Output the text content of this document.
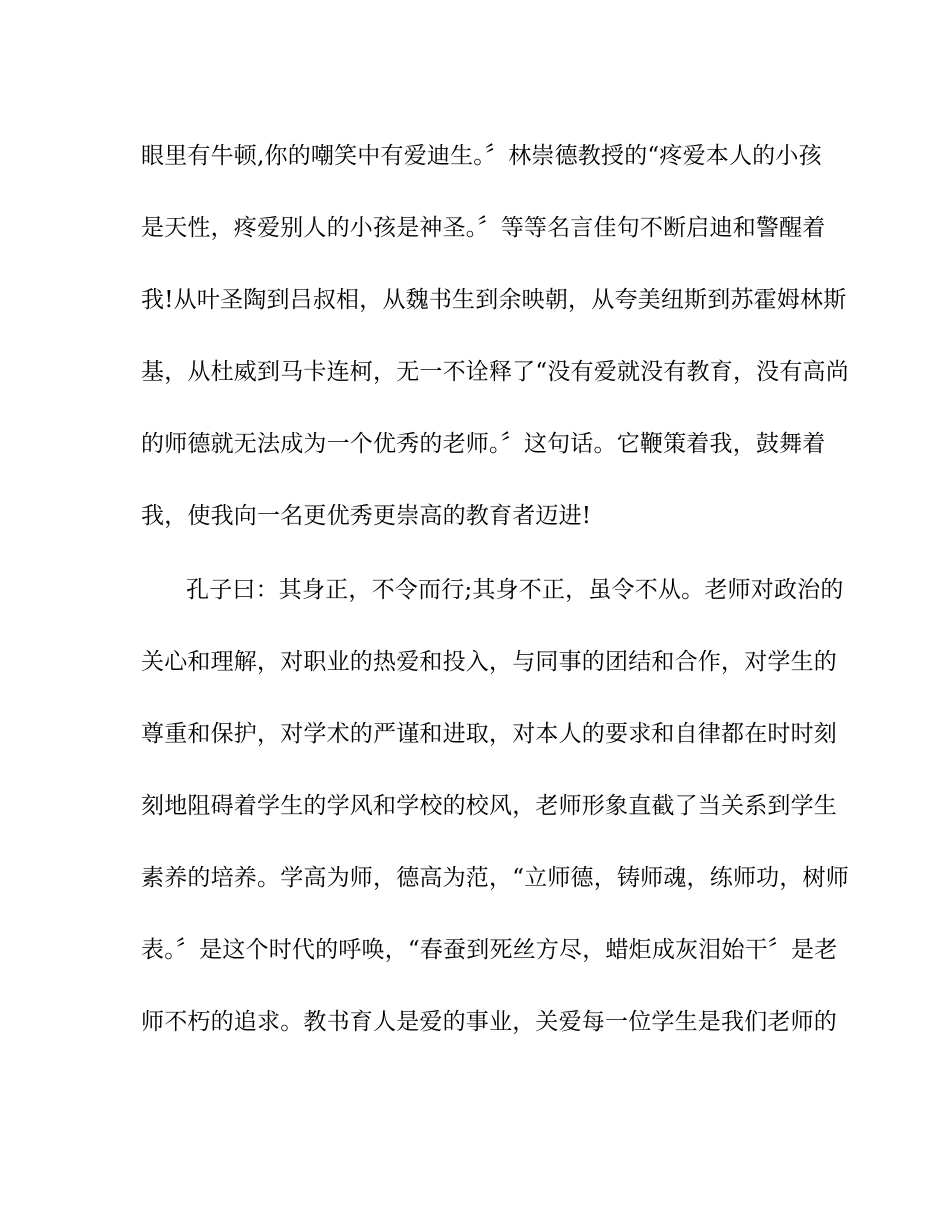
眼里有牛顿,你的嘲笑中有爱迪生。〞林崇德教授的“疼爱本人的小孩
是天性，疼爱别人的小孩是神圣。〞等等名言佳句不断启迪和警醒着
我!从叶圣陶到吕叔相，从魏书生到余映朝，从夸美纽斯到苏霍姆林斯
基，从杜威到马卡连柯，无一不诠释了“没有爱就没有教育，没有高尚
的师德就无法成为一个优秀的老师。〞这句话。它鞭策着我，鼓舞着
我，使我向一名更优秀更崇高的教育者迈进!
孔子曰：其身正，不令而行;其身不正，虽令不从。老师对政治的
关心和理解，对职业的热爱和投入，与同事的团结和合作，对学生的
尊重和保护，对学术的严谨和进取，对本人的要求和自律都在时时刻
刻地阻碍着学生的学风和学校的校风，老师形象直截了当关系到学生
素养的培养。学高为师，德高为范，“立师德，铸师魂，练师功，树师
表。〞是这个时代的呼唤，“春蚕到死丝方尽，蜡炬成灰泪始干〞是老
师不朽的追求。教书育人是爱的事业，关爱每一位学生是我们老师的
